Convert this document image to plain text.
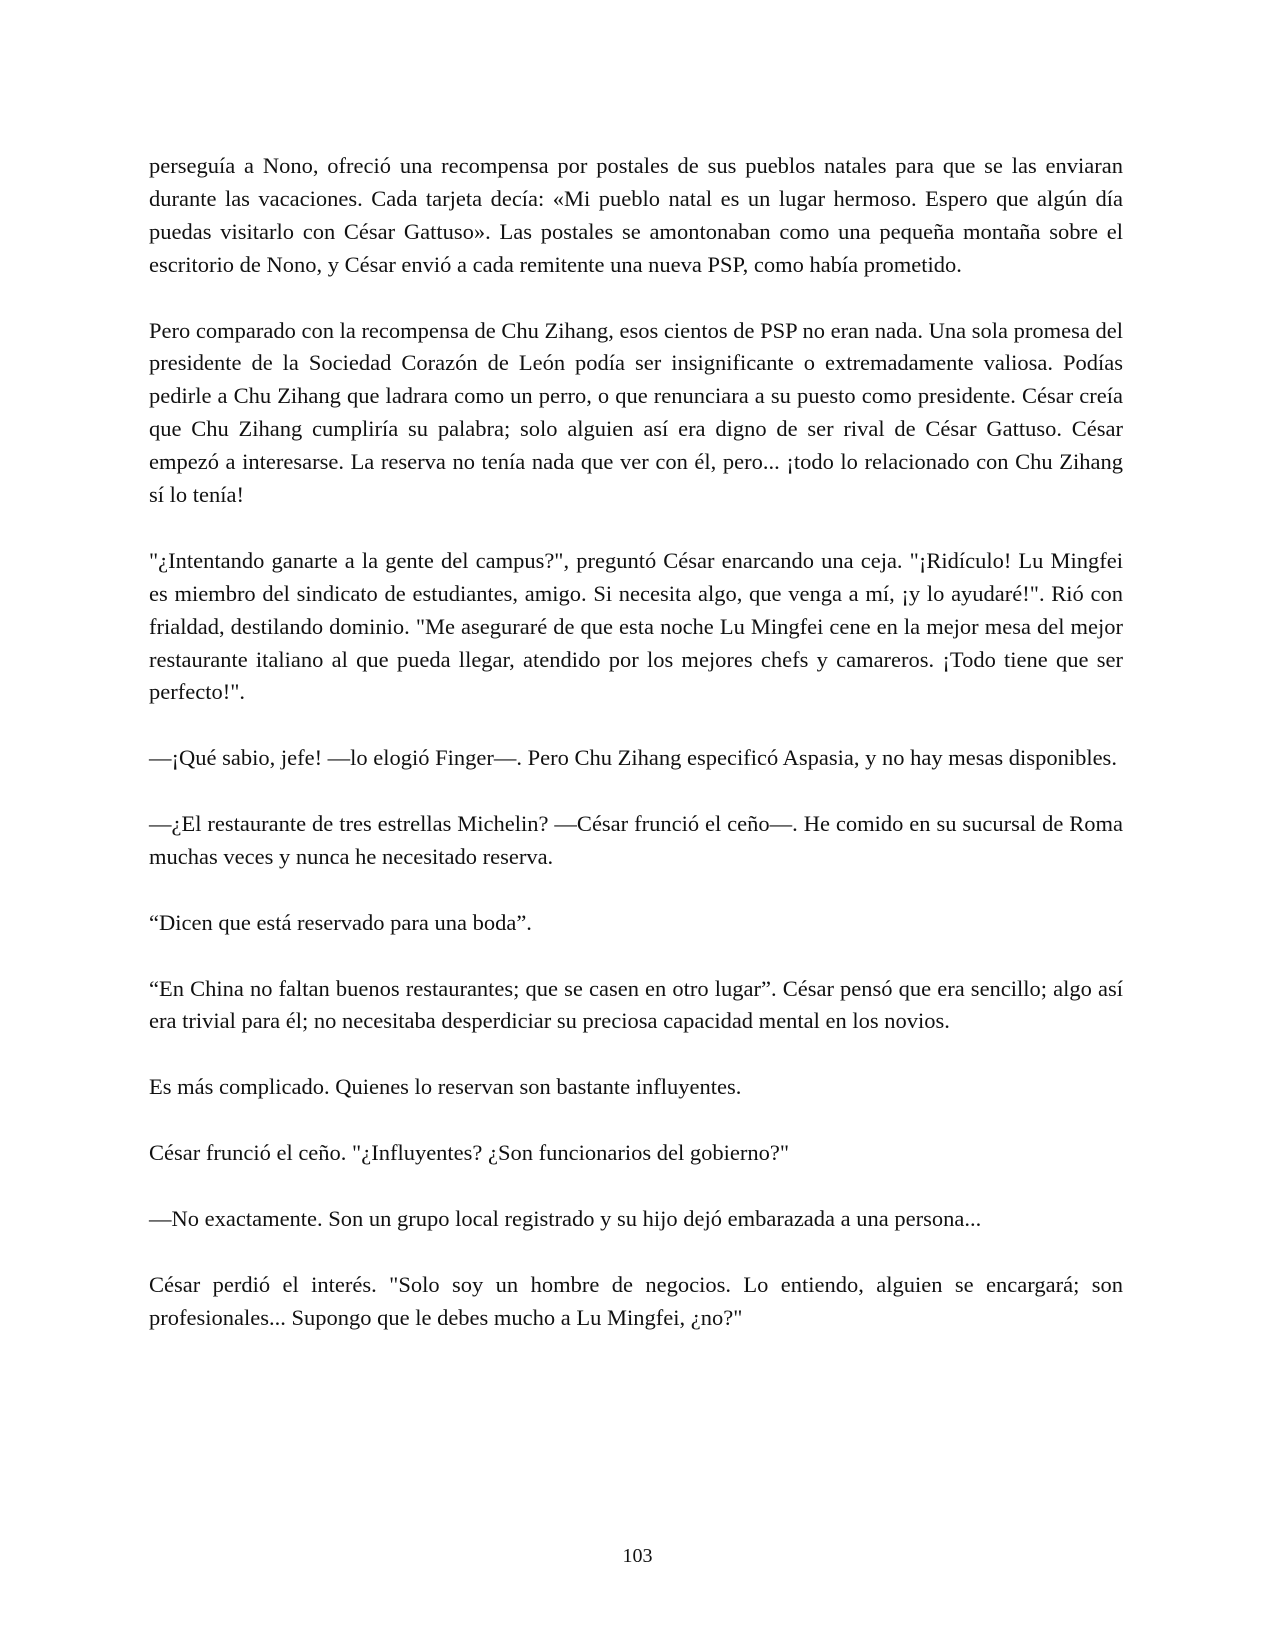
perseguía a Nono, ofreció una recompensa por postales de sus pueblos natales para que se las enviaran durante las vacaciones. Cada tarjeta decía: «Mi pueblo natal es un lugar hermoso. Espero que algún día puedas visitarlo con César Gattuso». Las postales se amontonaban como una pequeña montaña sobre el escritorio de Nono, y César envió a cada remitente una nueva PSP, como había prometido.

Pero comparado con la recompensa de Chu Zihang, esos cientos de PSP no eran nada. Una sola promesa del presidente de la Sociedad Corazón de León podía ser insignificante o extremadamente valiosa. Podías pedirle a Chu Zihang que ladrara como un perro, o que renunciara a su puesto como presidente. César creía que Chu Zihang cumpliría su palabra; solo alguien así era digno de ser rival de César Gattuso. César empezó a interesarse. La reserva no tenía nada que ver con él, pero... ¡todo lo relacionado con Chu Zihang sí lo tenía!

"¿Intentando ganarte a la gente del campus?", preguntó César enarcando una ceja. "¡Ridículo! Lu Mingfei es miembro del sindicato de estudiantes, amigo. Si necesita algo, que venga a mí, ¡y lo ayudaré!". Rió con frialdad, destilando dominio. "Me aseguraré de que esta noche Lu Mingfei cene en la mejor mesa del mejor restaurante italiano al que pueda llegar, atendido por los mejores chefs y camareros. ¡Todo tiene que ser perfecto!".

—¡Qué sabio, jefe! —lo elogió Finger—. Pero Chu Zihang especificó Aspasia, y no hay mesas disponibles.

—¿El restaurante de tres estrellas Michelin? —César frunció el ceño—. He comido en su sucursal de Roma muchas veces y nunca he necesitado reserva.

“Dicen que está reservado para una boda”.

“En China no faltan buenos restaurantes; que se casen en otro lugar”. César pensó que era sencillo; algo así era trivial para él; no necesitaba desperdiciar su preciosa capacidad mental en los novios.

Es más complicado. Quienes lo reservan son bastante influyentes.

César frunció el ceño. "¿Influyentes? ¿Son funcionarios del gobierno?"

—No exactamente. Son un grupo local registrado y su hijo dejó embarazada a una persona...

César perdió el interés. "Solo soy un hombre de negocios. Lo entiendo, alguien se encargará; son profesionales... Supongo que le debes mucho a Lu Mingfei, ¿no?"

103
